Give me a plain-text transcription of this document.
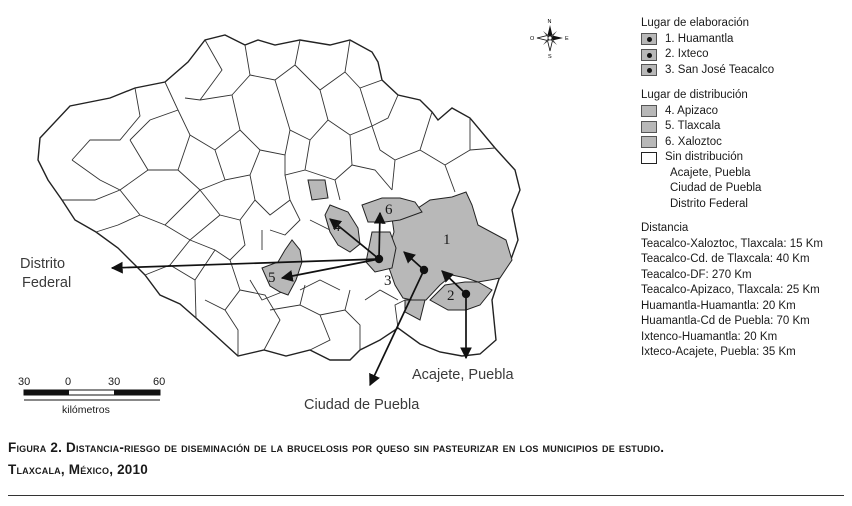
1
2
3
4
5
6
Distrito
Federal
Ciudad de Puebla
Acajete, Puebla
N
S
E
O
30	0	30	60
kilómetros
Lugar de elaboración
1. Huamantla
2. Ixteco
3. San José Teacalco
Lugar de distribución
4. Apizaco
5. Tlaxcala
6. Xaloztoc
Sin distribución
Acajete, Puebla
Ciudad de Puebla
Distrito Federal
Distancia
Teacalco-Xaloztoc, Tlaxcala: 15 Km
Teacalco-Cd. de Tlaxcala: 40 Km
Teacalco-DF: 270 Km
Teacalco-Apizaco, Tlaxcala: 25 Km
Huamantla-Huamantla: 20 Km
Huamantla-Cd de Puebla: 70 Km
Ixtenco-Huamantla: 20 Km
Ixteco-Acajete, Puebla: 35 Km
Figura 2. Distancia-riesgo de diseminación de la brucelosis por queso sin pasteurizar en los municipios de estudio.
Tlaxcala, México, 2010
